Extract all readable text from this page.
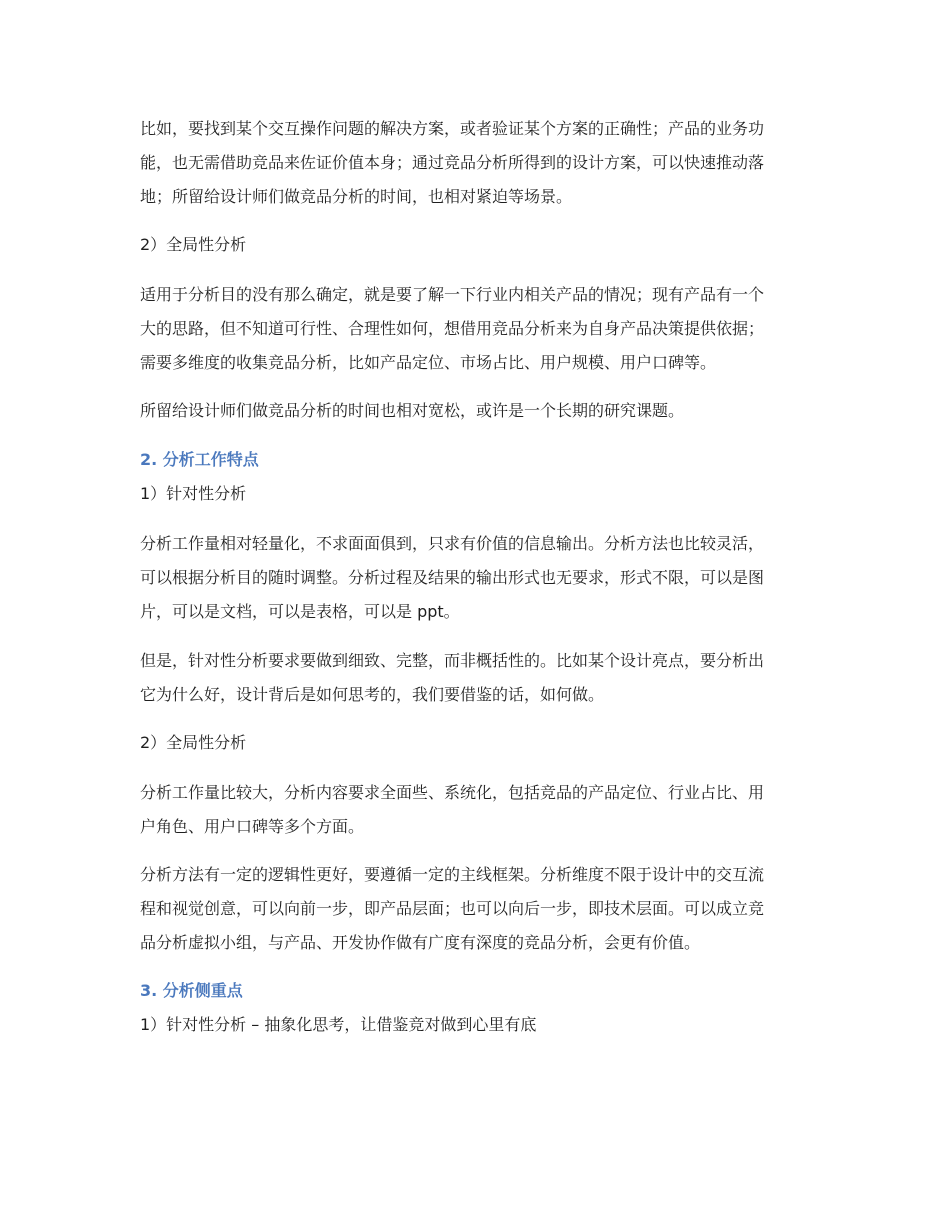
比如，要找到某个交互操作问题的解决方案，或者验证某个方案的正确性；产品的业务功
能，也无需借助竞品来佐证价值本身；通过竞品分析所得到的设计方案，可以快速推动落
地；所留给设计师们做竞品分析的时间，也相对紧迫等场景。

2）全局性分析

适用于分析目的没有那么确定，就是要了解一下行业内相关产品的情况；现有产品有一个
大的思路，但不知道可行性、合理性如何，想借用竞品分析来为自身产品决策提供依据；
需要多维度的收集竞品分析，比如产品定位、市场占比、用户规模、用户口碑等。

所留给设计师们做竞品分析的时间也相对宽松，或许是一个长期的研究课题。

2. 分析工作特点

1）针对性分析

分析工作量相对轻量化，不求面面俱到，只求有价值的信息输出。分析方法也比较灵活，
可以根据分析目的随时调整。分析过程及结果的输出形式也无要求，形式不限，可以是图
片，可以是文档，可以是表格，可以是 ppt。

但是，针对性分析要求要做到细致、完整，而非概括性的。比如某个设计亮点，要分析出
它为什么好，设计背后是如何思考的，我们要借鉴的话，如何做。

2）全局性分析

分析工作量比较大，分析内容要求全面些、系统化，包括竞品的产品定位、行业占比、用
户角色、用户口碑等多个方面。

分析方法有一定的逻辑性更好，要遵循一定的主线框架。分析维度不限于设计中的交互流
程和视觉创意，可以向前一步，即产品层面；也可以向后一步，即技术层面。可以成立竞
品分析虚拟小组，与产品、开发协作做有广度有深度的竞品分析，会更有价值。

3. 分析侧重点

1）针对性分析 – 抽象化思考，让借鉴竞对做到心里有底
